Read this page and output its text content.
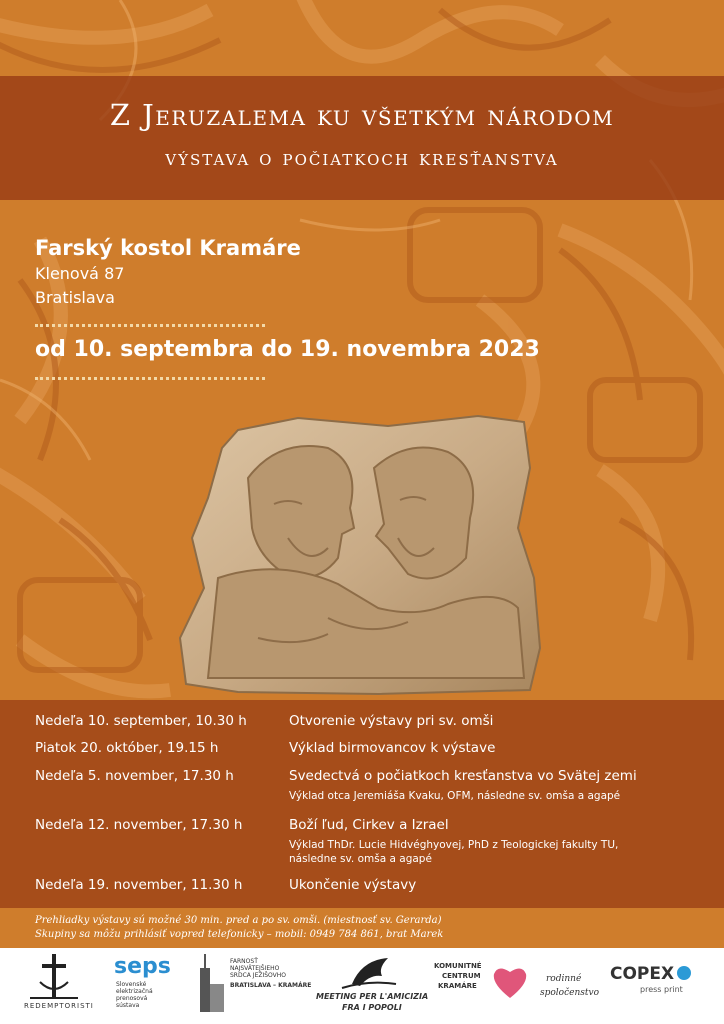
Z Jeruzalema ku všetkým národom
výstava o počiatkoch kresťanstva
Farský kostol Kramáre
Klenová 87
Bratislava
od 10. septembra do 19. novembra 2023
Nedeľa 10. september, 10.30 h	Otvorenie výstavy pri sv. omši
Piatok 20. október, 19.15 h	Výklad birmovancov k výstave
Nedeľa 5. november, 17.30 h	Svedectvá o počiatkoch kresťanstva vo Svätej zemi
Výklad otca Jeremiáša Kvaku, OFM, následne sv. omša a agapé
Nedeľa 12. november, 17.30 h	Boží ľud, Cirkev a Izrael
Výklad ThDr. Lucie Hidvéghyovej, PhD z Teologickej fakulty TU,
následne sv. omša a agapé
Nedeľa 19. november, 11.30 h	Ukončenie výstavy
Prehliadky výstavy sú možné 30 min. pred a po sv. omši. (miestnosť sv. Gerarda)
Skupiny sa môžu prihlásiť vopred telefonicky – mobil: 0949 784 861, brat Marek
REDEMPTORISTI
seps
Slovenské
elektrizačná
prenosová
sústava
FARNOSŤ
NAJSVÄTEJŠIEHO
SRDCA JEŽIŠOVHO
BRATISLAVA – KRAMÁRE
MEETING PER L'AMICIZIA
FRA I POPOLI
KOMUNITNÉ
CENTRUM
KRAMÁRE
rodinné
spoločenstvo
COPEX
press print
